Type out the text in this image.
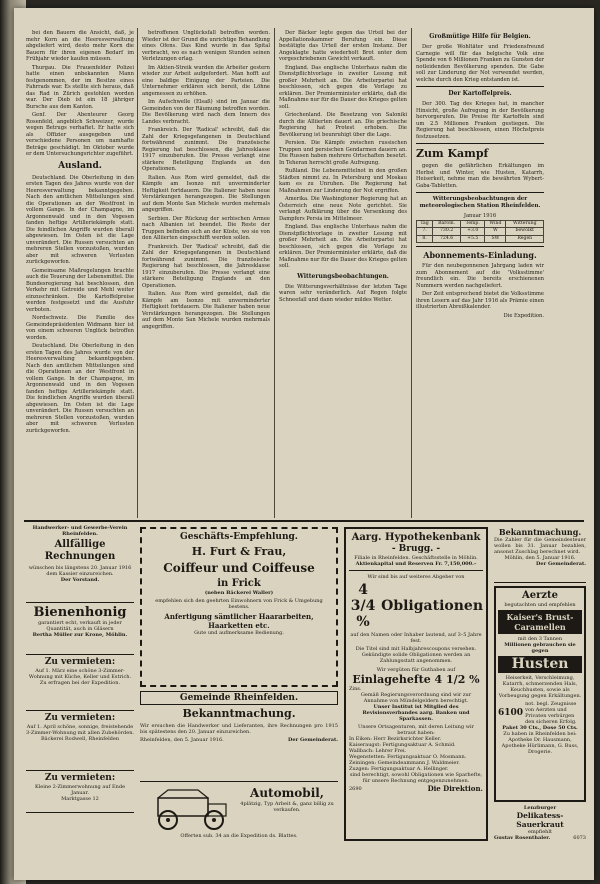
bei den Bauern die Ansicht, daß, je mehr Korn an die Heeresverwaltung abgeliefert wird, desto mehr Korn die Bauern für ihren eigenen Bedarf im Frühjahr wieder kaufen müssen.

Thurgau. Die Frauenfelder Polizei hatte einen unbekannten Mann festgenommen, der im Besitze eines Fahrrads war. Es stellte sich heraus, daß das Rad in Zürich gestohlen worden war. Der Dieb ist ein 18 jähriger Bursche aus dem Kanton.

Genf. Der Abenteurer Georg Rosenfeld, angeblich Schweizer, wurde wegen Betrugs verhaftet. Er hatte sich als Offizier ausgegeben und verschiedene Personen um namhafte Beträge geschädigt. Im Oktober wurde er dem Untersuchungsrichter zugeführt.

Ausland.

Deutschland. Die Oberleitung in den ersten Tagen des Jahres wurde von der Heeresverwaltung bekanntgegeben. Nach den amtlichen Mitteilungen sind die Operationen an der Westfront in vollem Gange. In der Champagne, im Argonnenwald und in den Vogesen fanden heftige Artilleriekämpfe statt. Die feindlichen Angriffe wurden überall abgewiesen. Im Osten ist die Lage unverändert. Die Russen versuchten an mehreren Stellen vorzustoßen, wurden aber mit schweren Verlusten zurückgeworfen.

Gemeinsame Maßregelungen brachte auch die Teuerung der Lebensmittel. Die Bundesregierung hat beschlossen, den Verkehr mit Getreide und Mehl weiter einzuschränken. Die Kartoffelpreise werden festgesetzt und die Ausfuhr verboten.

Nordschweiz. Die Familie des Gemeindepräsidenten Widmann hier ist von einem schweren Unglück betroffen worden.

Deutschland. Die Oberleitung in den ersten Tagen des Jahres wurde von der Heeresverwaltung bekanntgegeben. Nach den amtlichen Mitteilungen sind die Operationen an der Westfront in vollem Gange. In der Champagne, im Argonnenwald und in den Vogesen fanden heftige Artilleriekämpfe statt. Die feindlichen Angriffe wurden überall abgewiesen. Im Osten ist die Lage unverändert. Die Russen versuchten an mehreren Stellen vorzustoßen, wurden aber mit schweren Verlusten zurückgeworfen.

betroffenen Unglücksfall betroffen worden. Wieder ist der Grund die unrichtige Behandlung eines Ofens. Das Kind wurde in das Spital verbracht, wo es nach wenigen Stunden seinen Verletzungen erlag.

Im Aktien-Streik wurden die Arbeiter gestern wieder zur Arbeit aufgefordert. Man hofft auf eine baldige Einigung der Parteien. Die Unternehmer erklären sich bereit, die Löhne angemessen zu erhöhen.

Im Aufschwelle (Elsaß) sind im Januar die Gemeinden von der Räumung betroffen worden. Die Bevölkerung wird nach dem Innern des Landes verbracht.

Frankreich. Der 'Radical' schreibt, daß die Zahl der Kriegsgefangenen in Deutschland fortwährend zunimmt. Die französische Regierung hat beschlossen, die Jahresklasse 1917 einzuberufen. Die Presse verlangt eine stärkere Beteiligung Englands an den Operationen.

Italien. Aus Rom wird gemeldet, daß die Kämpfe am Isonzo mit unverminderter Heftigkeit fortdauern. Die Italiener haben neue Verstärkungen herangezogen. Die Stellungen auf dem Monte San Michele wurden mehrmals angegriffen.

Serbien. Der Rückzug der serbischen Armee nach Albanien ist beendet. Die Reste der Truppen befinden sich an der Küste, wo sie von den Alliierten eingeschifft werden sollen.

Frankreich. Der 'Radical' schreibt, daß die Zahl der Kriegsgefangenen in Deutschland fortwährend zunimmt. Die französische Regierung hat beschlossen, die Jahresklasse 1917 einzuberufen. Die Presse verlangt eine stärkere Beteiligung Englands an den Operationen.

Italien. Aus Rom wird gemeldet, daß die Kämpfe am Isonzo mit unverminderter Heftigkeit fortdauern. Die Italiener haben neue Verstärkungen herangezogen. Die Stellungen auf dem Monte San Michele wurden mehrmals angegriffen.

Der Bäcker legte gegen das Urteil bei der Appellationskammer Berufung ein. Diese bestätigte das Urteil der ersten Instanz. Der Angeklagte hatte wiederholt Brot unter dem vorgeschriebenen Gewicht verkauft.

England. Das englische Unterhaus nahm die Dienstpflichtvorlage in zweiter Lesung mit großer Mehrheit an. Die Arbeiterpartei hat beschlossen, sich gegen die Vorlage zu erklären. Der Premierminister erklärte, daß die Maßnahme nur für die Dauer des Krieges gelten soll.

Griechenland. Die Besetzung von Saloniki durch die Alliierten dauert an. Die griechische Regierung hat Protest erhoben. Die Bevölkerung ist beunruhigt über die Lage.

Persien. Die Kämpfe zwischen russischen Truppen und persischen Gendarmen dauern an. Die Russen haben mehrere Ortschaften besetzt. In Teheran herrscht große Aufregung.

Rußland. Die Lebensmittelnot in den großen Städten nimmt zu. In Petersburg und Moskau kam es zu Unruhen. Die Regierung hat Maßnahmen zur Linderung der Not ergriffen.

Amerika. Die Washingtoner Regierung hat an Österreich eine neue Note gerichtet. Sie verlangt Aufklärung über die Versenkung des Dampfers Persia im Mittelmeer.

England. Das englische Unterhaus nahm die Dienstpflichtvorlage in zweiter Lesung mit großer Mehrheit an. Die Arbeiterpartei hat beschlossen, sich gegen die Vorlage zu erklären. Der Premierminister erklärte, daß die Maßnahme nur für die Dauer des Krieges gelten soll.

Witterungsbeobachtungen.

Die Witterungsverhältnisse der letzten Tage waren sehr veränderlich. Auf Regen folgte Schneefall und dann wieder mildes Wetter.

Großmütige Hilfe für Belgien.

Der große Wohltäter und Friedensfreund Carnegie will für das belgische Volk eine Spende von 6 Millionen Franken zu Gunsten der notleidenden Bevölkerung spenden. Die Gabe soll zur Linderung der Not verwendet werden, welche durch den Krieg entstanden ist.

Der Kartoffelpreis.

Der 300. Tag des Krieges hat, in mancher Hinsicht, große Aufregung in der Bevölkerung hervorgerufen. Die Preise für Kartoffeln sind um 2.5 Millionen Franken gestiegen. Die Regierung hat beschlossen, einen Höchstpreis festzusetzen.

Zum Kampf

gegen die gefährlichen Erkältungen im Herbst und Winter, wie Husten, Katarrh, Heiserkeit, nehme man die bewährten Wybert-Gaba-Tabletten.

Witterungsbeobachtungen der meteorologischen Station Rheinfelden.
Januar 1916
Tag	Barom.	Temp.	Wind	Witterung
7.	730.2	+3.0	W	bewölkt
8.	724.6	+5.5	SW	Regen
Abonnements-Einladung.

Für den neubegonnenen Jahrgang laden wir zum Abonnement auf die 'Volksstimme' freundlich ein. Die bereits erschienenen Nummern werden nachgeliefert.

Der Zeit entsprechend bietet die Volksstimme ihren Lesern auf das Jahr 1916 als Prämie einen illustrierten Abreißkalender.

Die Expedition.
Handwerker- und Gewerbe-Verein Rheinfelden.
Allfällige Rechnungen
wünschen bis längstens 20. Januar 1916 dem Kassier einzureichen.
Der Vorstand.
Bienenhonig
garantiert echt, verkauft in jeder Quantität, auch in Gläsern
Bertha Müller zur Krone, Möhlin.
Zu vermieten:
Auf 1. März eine schöne 3-Zimmer-Wohnung mit Küche, Keller und Estrich.
Zu erfragen bei der Expedition.
Zu vermieten:
Auf 1. April schöne, sonnige, freistehende 3-Zimmer-Wohnung mit allen Zubehörden.
Bäckerei Rodwell, Rheinfelden
Zu vermieten:
Kleine 2-Zimmerwohnung auf Ende Januar.
Marktgasse 12
Geschäfts-Empfehlung.
H. Furt & Frau,
Coiffeur und Coiffeuse
in Frick
(neben Bäckerei Waller)
empfehlen sich den geehrten Einwohnern von Frick & Umgebung bestens.
Anfertigung sämtlicher Haararbeiten, Haarketten etc.
Gute und aufmerksame Bedienung.
Gemeinde Rheinfelden.
Bekanntmachung.
Wir ersuchen die Handwerker und Lieferanten, ihre Rechnungen pro 1915 bis spätestens den 20. Januar einzureichen.
Rheinfelden, den 5. Januar 1916.	Der Gemeinderat.
Automobil,
4plätzig, Typ Arbeit &, ganz billig zu verkaufen.
Offerten sub. 34 an die Expedition ds. Blattes.
Aarg. Hypothekenbank
- Brugg. -
Filiale in Rheinfelden. Geschäftsstelle in Möhlin.
Aktienkapital und Reserven Fr. 7,150,000.–
Wir sind bis auf weiteres Abgeber von
4 3/4 %
Obligationen
auf den Namen oder Inhaber lautend, auf 3–5 Jahre fest.
Die Titel sind mit Halbjahrescoupons versehen. Gekündigte solide Obligationen werden an Zahlungsstatt angenommen.
Wir vergüten für Guthaben auf
Einlagehefte 4 1/2 %
Zins.
Gemäß Regierungsverordnung sind wir zur Annahme von Mündelgeldern berechtigt.
Unser Institut ist Mitglied des Revisionsverbandes aarg. Banken und Sparkassen.
Unsere Ortsagenturen, mit deren Leitung wir betraut haben:
In Eiken: Herr Bezirksrichter Keller.
Kaiseraugst: Fertigungsaktuar A. Schmid.
Wallbach: Lehrer Frei.
Wegenstetten: Fertigungsaktuar O. Mosmann.
Zeiningen: Gemeindeammann J. Waldmeier.
Zuzgen: Fertigungsaktuar A. Hellinger.
sind berechtigt, sowohl Obligationen wie Sparhefte, für unsere Rechnung entgegenzunehmen.
2690	Die Direktion.
Bekanntmachung.
Die Zahler für die Gemeindesteuer wollen bis 31. Januar bezahlen, ansonst Zuschlag berechnet wird.
Möhlin, den 5. Januar 1916.
Der Gemeinderat.
Aerzte
begutachten und empfehlen
Kaiser's Brust-Caramellen
mit den 3 Tannen
Millionen gebrauchen sie gegen
Husten
Heiserkeit, Verschleimung, Katarrh, schmerzenden Hals, Keuchhusten, sowie als Vorbeugung gegen Erkältungen.
6100
not. begl. Zeugnisse von Aerzten und Privaten verbürgen den sicheren Erfolg.
Paket 30 Cts., Dose 50 Cts.
Zu haben in Rheinfelden bei: Apotheke Dr. Hausmann, Apotheke Hürlimann, G. Buss, Drogerie.
Lenzburger
Delikatess-Sauerkraut
empfiehlt
Gustav Rosenthaler.	6073
